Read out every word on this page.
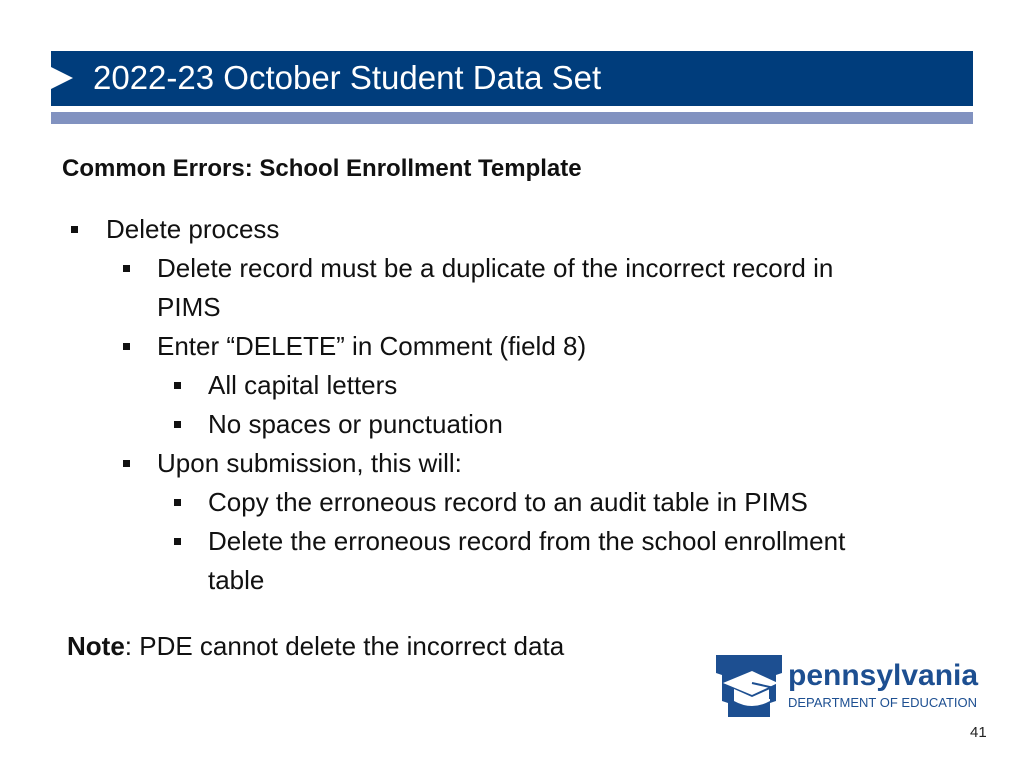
2022-23 October Student Data Set
Common Errors: School Enrollment Template
Delete process
Delete record must be a duplicate of the incorrect record in
PIMS
Enter “DELETE” in Comment (field 8)
All capital letters
No spaces or punctuation
Upon submission, this will:
Copy the erroneous record to an audit table in PIMS
Delete the erroneous record from the school enrollment
table
Note: PDE cannot delete the incorrect data
pennsylvania
DEPARTMENT OF EDUCATION
41
